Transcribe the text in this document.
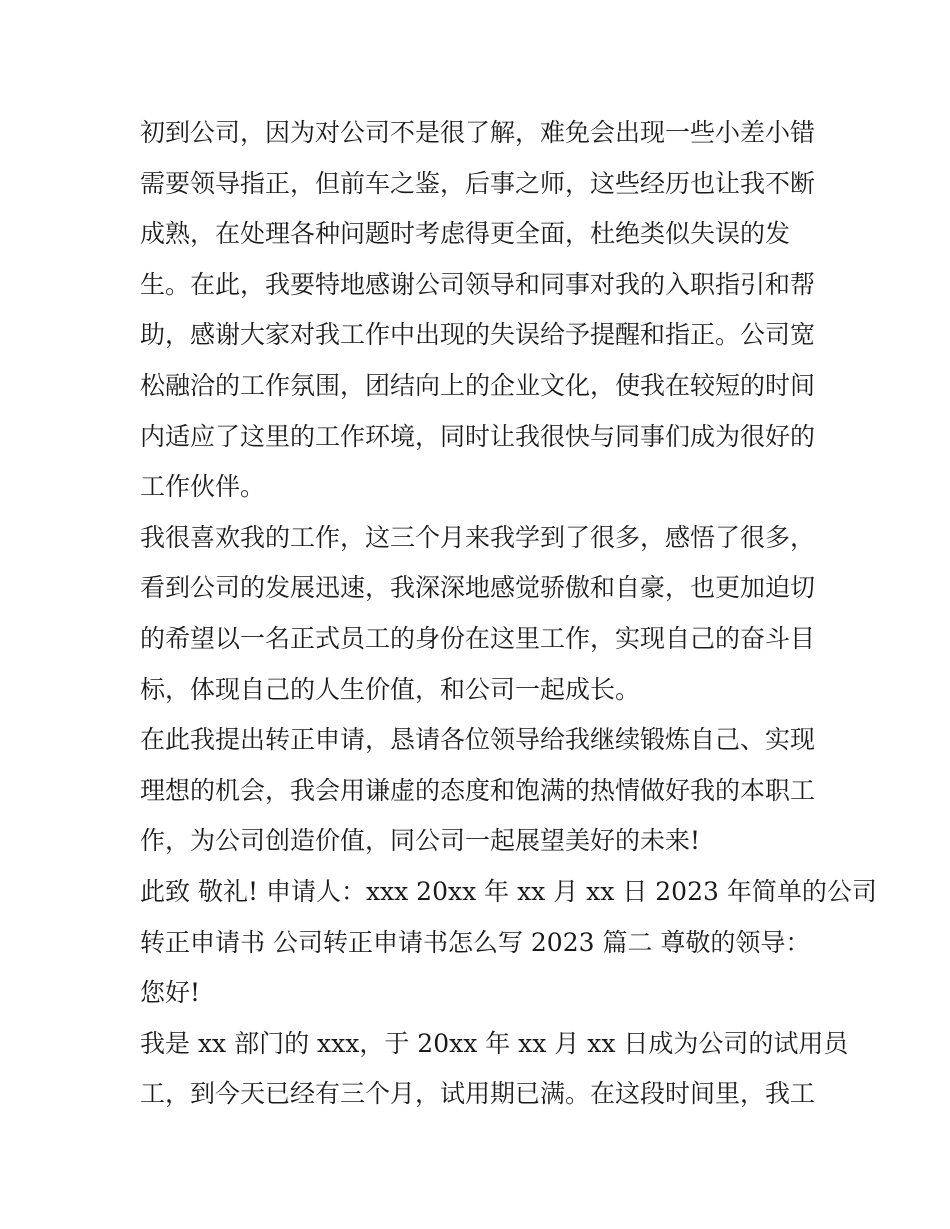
初到公司，因为对公司不是很了解，难免会出现一些小差小错
需要领导指正，但前车之鉴，后事之师，这些经历也让我不断
成熟，在处理各种问题时考虑得更全面，杜绝类似失误的发
生。在此，我要特地感谢公司领导和同事对我的入职指引和帮
助，感谢大家对我工作中出现的失误给予提醒和指正。公司宽
松融洽的工作氛围，团结向上的企业文化，使我在较短的时间
内适应了这里的工作环境，同时让我很快与同事们成为很好的
工作伙伴。
我很喜欢我的工作，这三个月来我学到了很多，感悟了很多，
看到公司的发展迅速，我深深地感觉骄傲和自豪，也更加迫切
的希望以一名正式员工的身份在这里工作，实现自己的奋斗目
标，体现自己的人生价值，和公司一起成长。
在此我提出转正申请，恳请各位领导给我继续锻炼自己、实现
理想的机会，我会用谦虚的态度和饱满的热情做好我的本职工
作，为公司创造价值，同公司一起展望美好的未来!
此致 敬礼! 申请人：xxx 20xx 年 xx 月 xx 日 2023 年简单的公司
转正申请书 公司转正申请书怎么写 2023 篇二 尊敬的领导：
您好!
我是 xx 部门的 xxx，于 20xx 年 xx 月 xx 日成为公司的试用员
工，到今天已经有三个月，试用期已满。在这段时间里，我工
